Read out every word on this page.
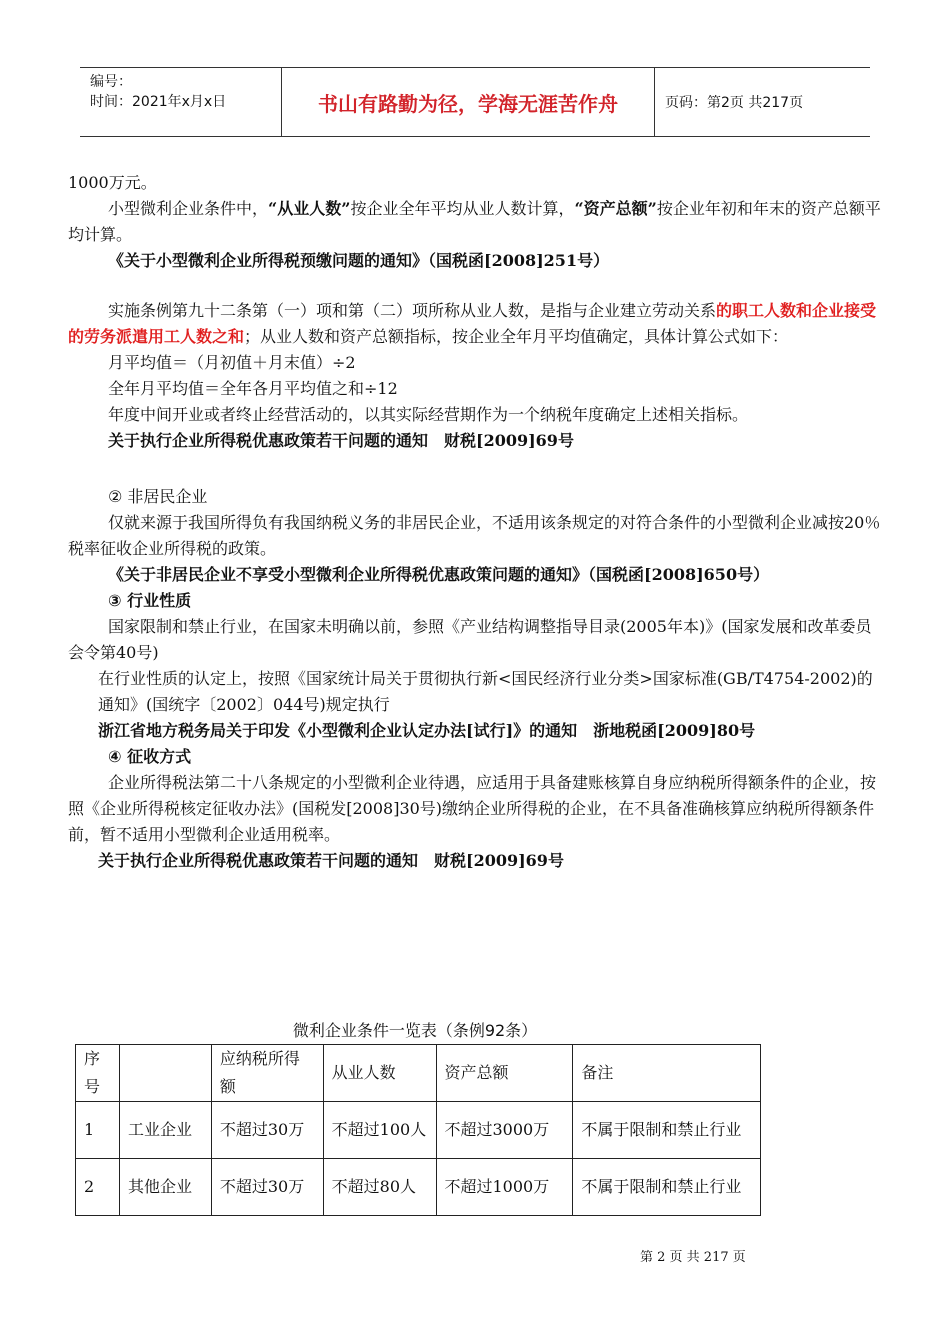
编号：
时间：2021年x月x日	书山有路勤为径，学海无涯苦作舟	页码：第2页 共217页

1000万元。

小型微利企业条件中，“从业人数”按企业全年平均从业人数计算，“资产总额”按企业年初和年末的资产总额平均计算。

《关于小型微利企业所得税预缴问题的通知》（国税函[2008]251号）

实施条例第九十二条第（一）项和第（二）项所称从业人数，是指与企业建立劳动关系的职工人数和企业接受的劳务派遣用工人数之和；从业人数和资产总额指标，按企业全年月平均值确定，具体计算公式如下：

月平均值＝（月初值＋月末值）÷2

全年月平均值＝全年各月平均值之和÷12

年度中间开业或者终止经营活动的，以其实际经营期作为一个纳税年度确定上述相关指标。

关于执行企业所得税优惠政策若干问题的通知　财税[2009]69号

② 非居民企业

仅就来源于我国所得负有我国纳税义务的非居民企业，不适用该条规定的对符合条件的小型微利企业减按20％税率征收企业所得税的政策。

《关于非居民企业不享受小型微利企业所得税优惠政策问题的通知》（国税函[2008]650号）

③ 行业性质

国家限制和禁止行业，在国家未明确以前，参照《产业结构调整指导目录(2005年本)》(国家发展和改革委员会令第40号)

在行业性质的认定上，按照《国家统计局关于贯彻执行新<国民经济行业分类>国家标准(GB/T4754-2002)的通知》(国统字〔2002〕044号)规定执行

浙江省地方税务局关于印发《小型微利企业认定办法[试行]》的通知　浙地税函[2009]80号

④ 征收方式

企业所得税法第二十八条规定的小型微利企业待遇，应适用于具备建账核算自身应纳税所得额条件的企业，按照《企业所得税核定征收办法》(国税发[2008]30号)缴纳企业所得税的企业，在不具备准确核算应纳税所得额条件前，暂不适用小型微利企业适用税率。

关于执行企业所得税优惠政策若干问题的通知　财税[2009]69号

微利企业条件一览表（条例92条）
序号		应纳税所得额	从业人数	资产总额	备注
1	工业企业	不超过30万	不超过100人	不超过3000万	不属于限制和禁止行业
2	其他企业	不超过30万	不超过80人	不超过1000万	不属于限制和禁止行业
第 2 页 共 217 页
